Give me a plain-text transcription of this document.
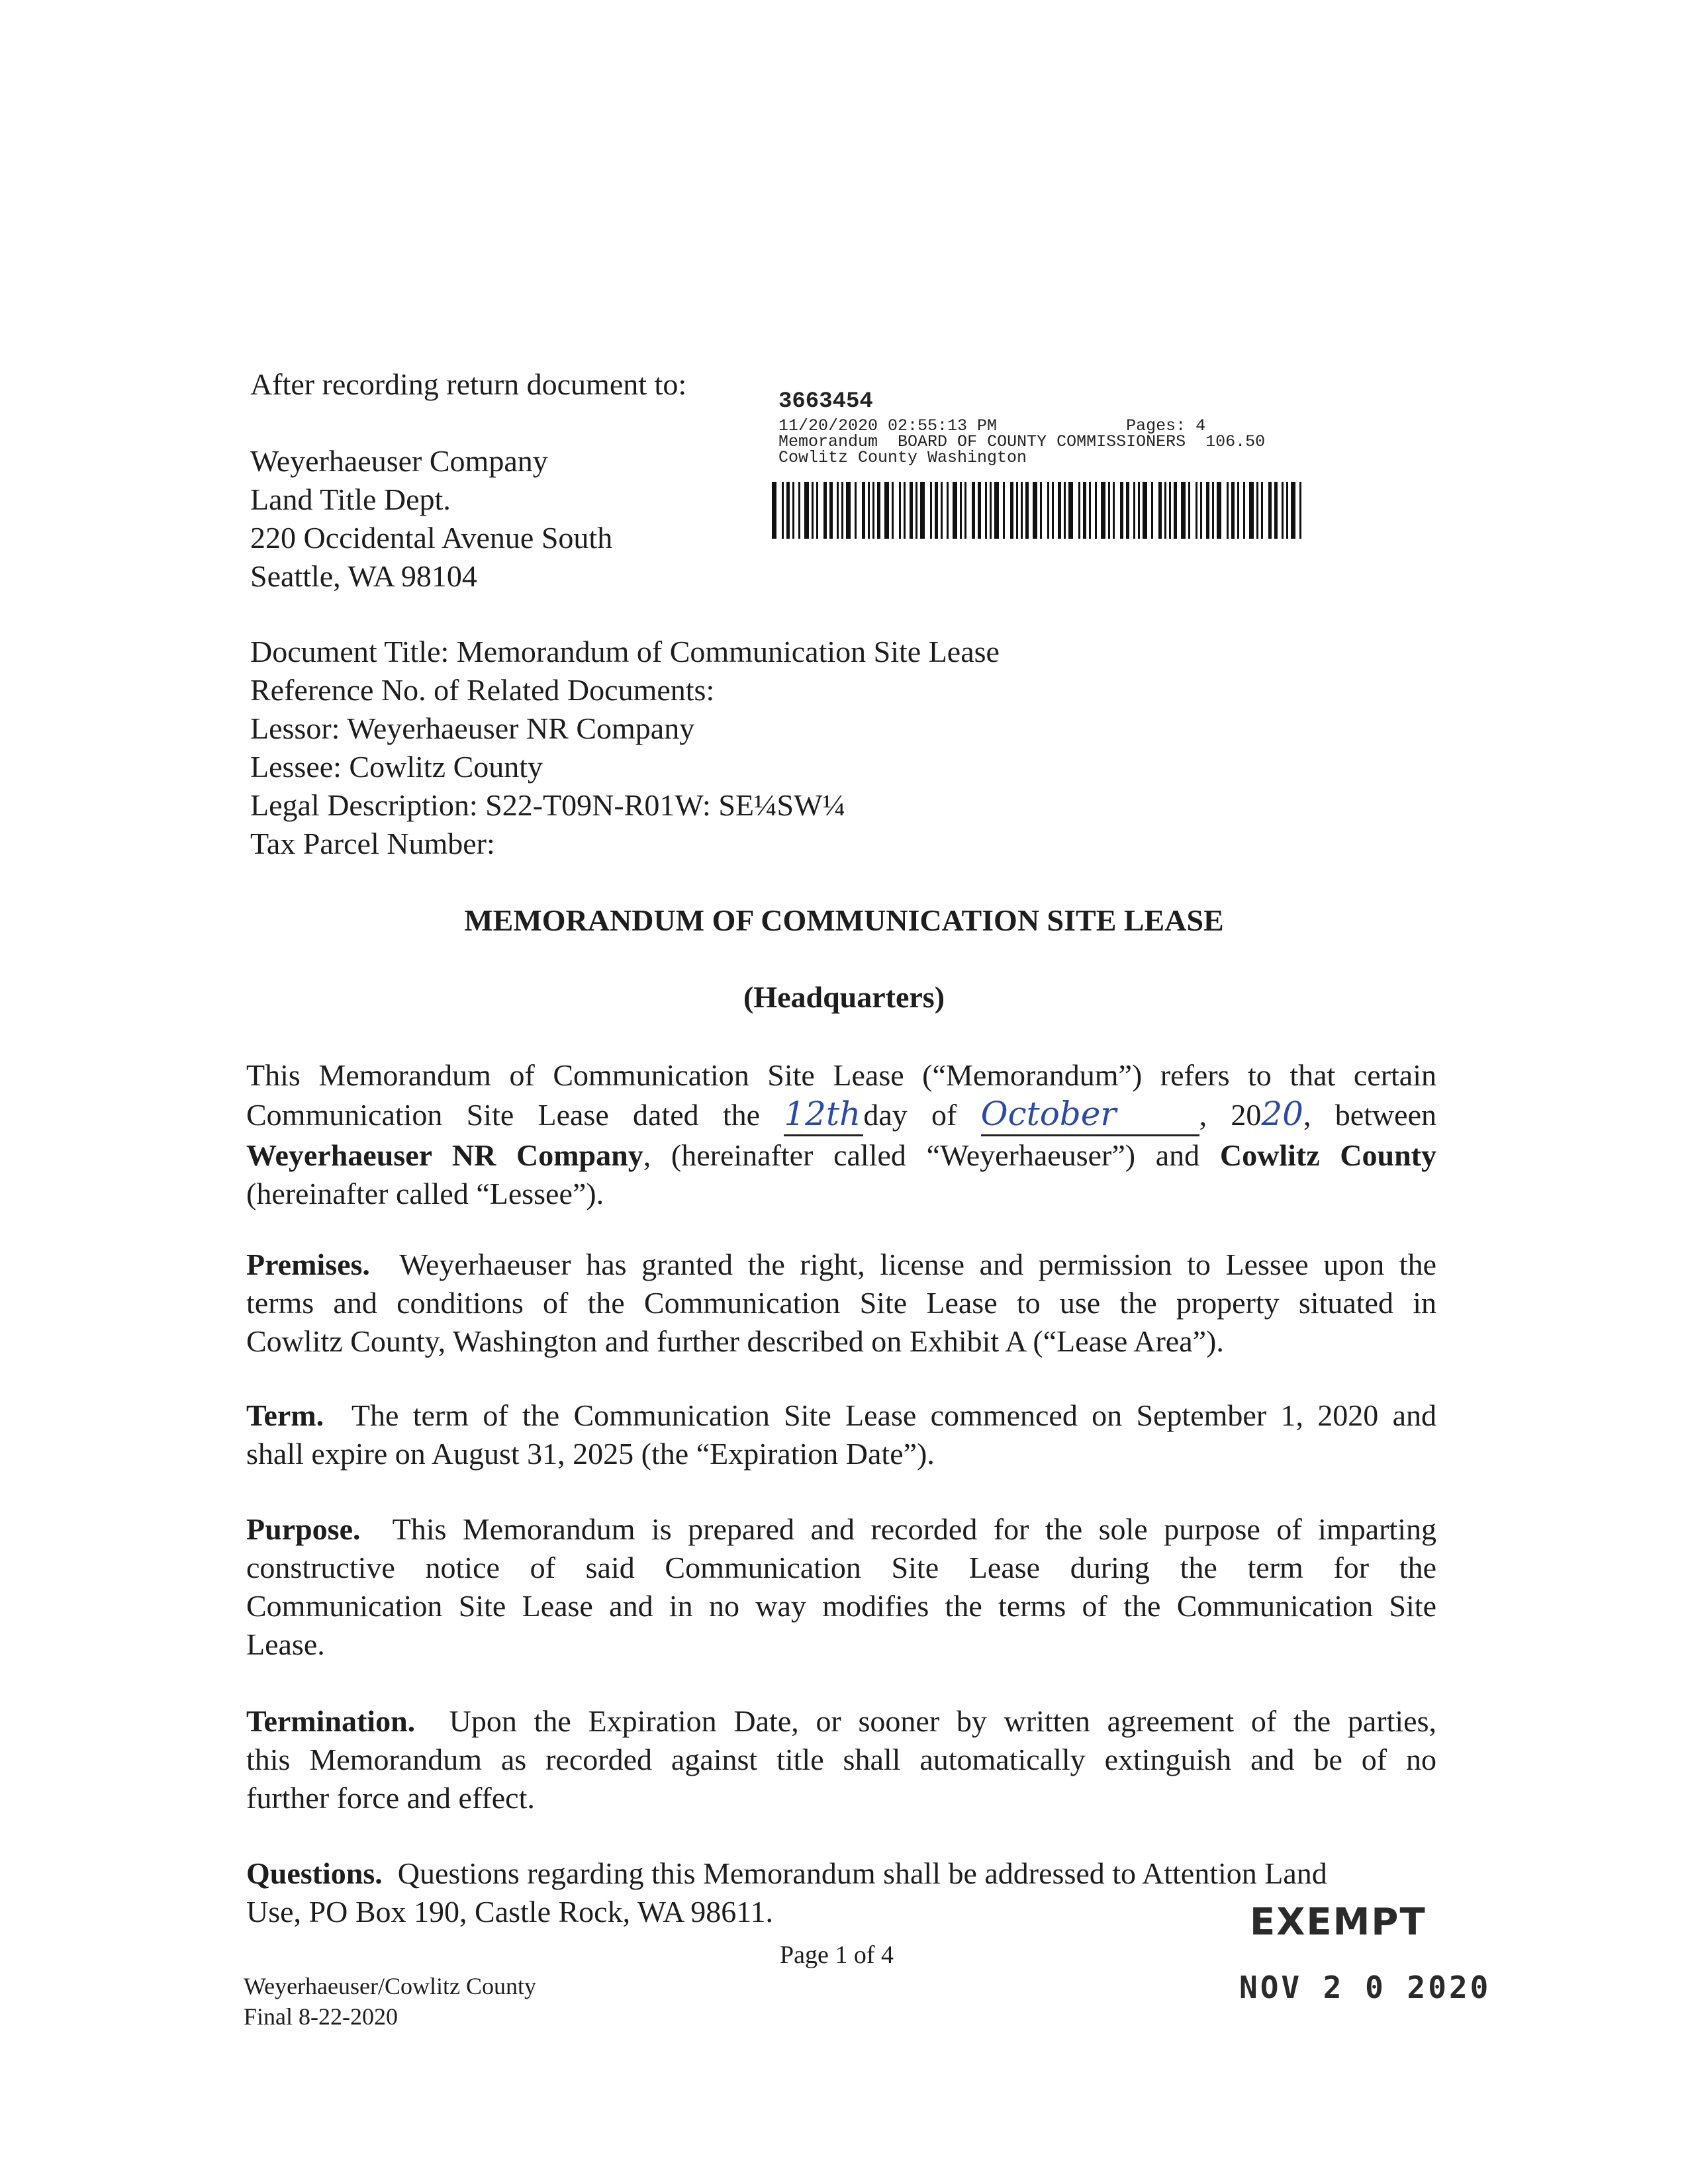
After recording return document to:
Weyerhaeuser Company
Land Title Dept.
220 Occidental Avenue South
Seattle, WA 98104
3663454
11/20/2020 02:55:13 PM	Pages: 4
Memorandum BOARD OF COUNTY COMMISSIONERS 106.50
Cowlitz County Washington
Document Title: Memorandum of Communication Site Lease
Reference No. of Related Documents:
Lessor: Weyerhaeuser NR Company
Lessee: Cowlitz County
Legal Description: S22-T09N-R01W: SE¼SW¼
Tax Parcel Number:
MEMORANDUM OF COMMUNICATION SITE LEASE
(Headquarters)
This Memorandum of Communication Site Lease (“Memorandum”) refers to that certain
Communication Site Lease dated the 12thday of October	, 2020, between
Weyerhaeuser NR Company, (hereinafter called “Weyerhaeuser”) and Cowlitz County
(hereinafter called “Lessee”).
Premises. Weyerhaeuser has granted the right, license and permission to Lessee upon the
terms and conditions of the Communication Site Lease to use the property situated in
Cowlitz County, Washington and further described on Exhibit A (“Lease Area”).
Term. The term of the Communication Site Lease commenced on September 1, 2020 and
shall expire on August 31, 2025 (the “Expiration Date”).
Purpose. This Memorandum is prepared and recorded for the sole purpose of imparting
constructive notice of said Communication Site Lease during the term for the
Communication Site Lease and in no way modifies the terms of the Communication Site
Lease.
Termination. Upon the Expiration Date, or sooner by written agreement of the parties,
this Memorandum as recorded against title shall automatically extinguish and be of no
further force and effect.
Questions. Questions regarding this Memorandum shall be addressed to Attention Land
Use, PO Box 190, Castle Rock, WA 98611.
Page 1 of 4
Weyerhaeuser/Cowlitz County
Final 8-22-2020
EXEMPT
NOV 2 0 2020
